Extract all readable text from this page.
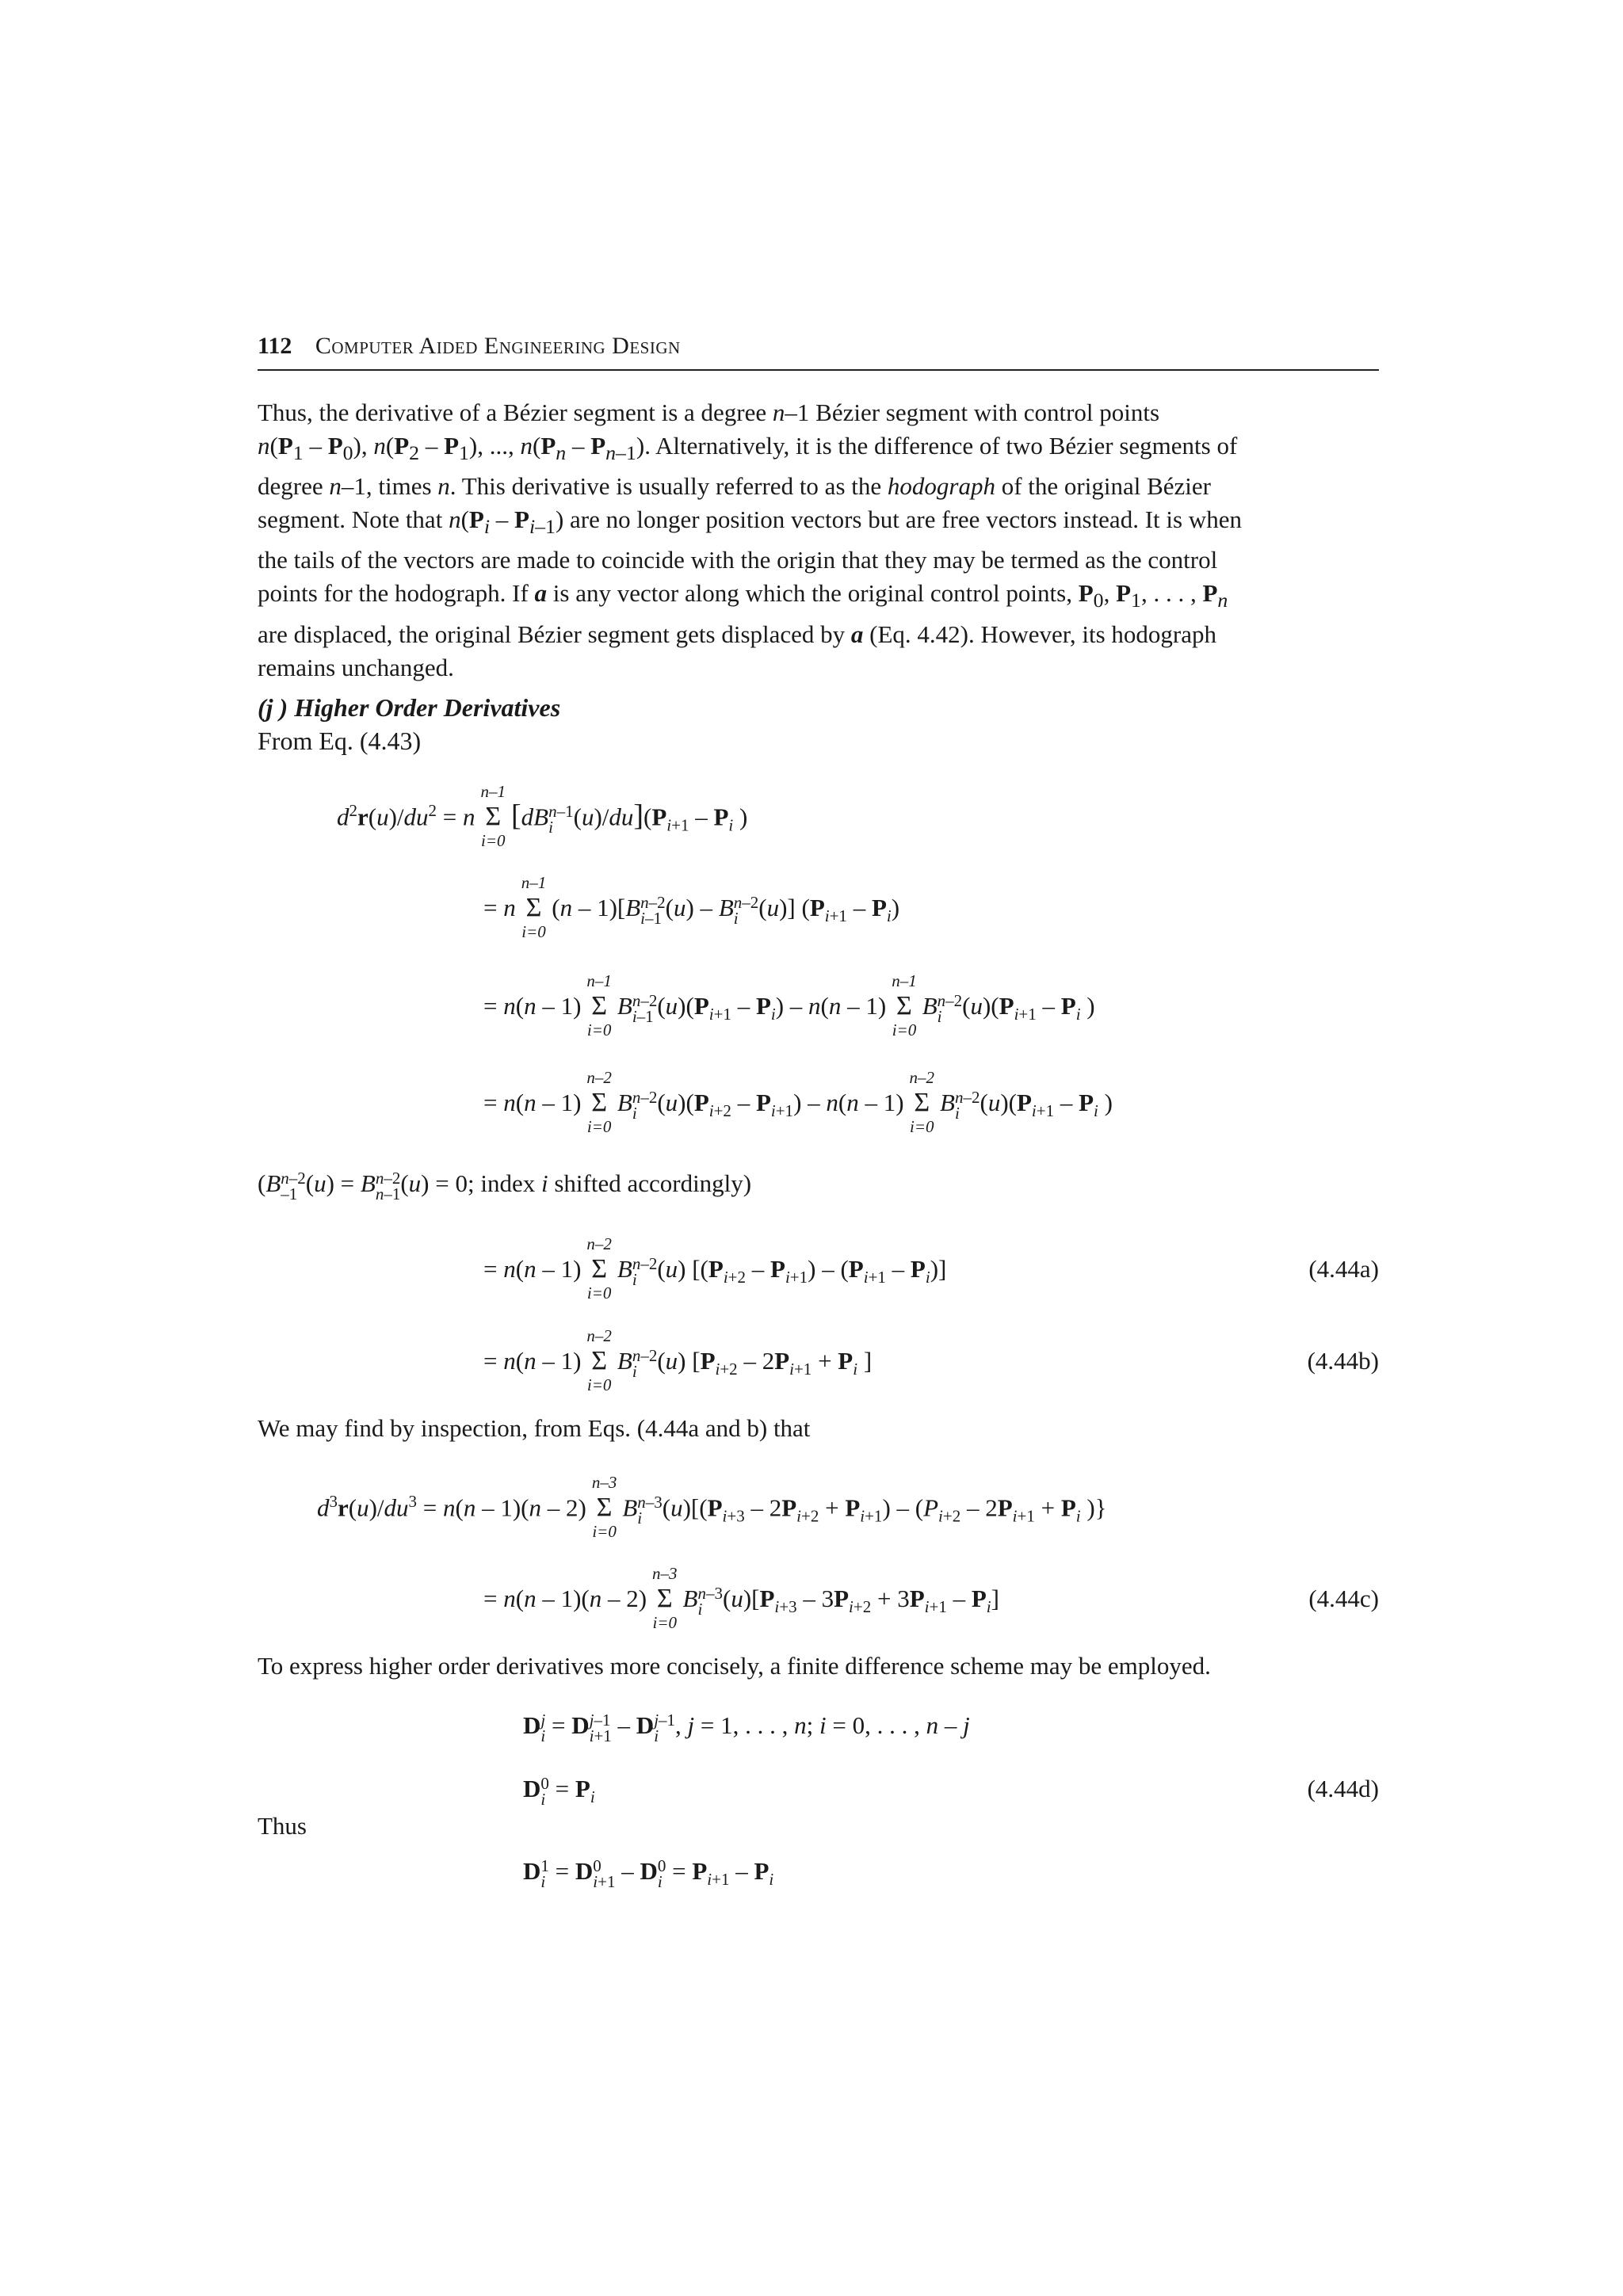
112 Computer Aided Engineering Design

Thus, the derivative of a Bézier segment is a degree n–1 Bézier segment with control points

$n(P_1 - P_0)$, $n(P_2 - P_1)$, ..., $n(P_n - P_{n-1})$. Alternatively, it is the difference of two Bézier segments of

degree n–1, times n. This derivative is usually referred to as the hodograph of the original Bézier

segment. Note that $n(P_i - P_{i-1})$ are no longer position vectors but are free vectors instead. It is when

the tails of the vectors are made to coincide with the origin that they may be termed as the control

points for the hodograph. If a is any vector along which the original control points, $P_0$, $P_1$, . . . , $P_n$

are displaced, the original Bézier segment gets displaced by a (Eq. 4.42). However, its hodograph

remains unchanged.

(j ) Higher Order Derivatives
From Eq. (4.43)
$d^2r(u)/du^2 = n$
n–1
Σ
i=0
[dB n–1
i $(u)/du](P_{i+1} - P_i$ )
= n
n–1
Σ
i=0
(n – 1)[B n–2
i–1 (u) – B n–2
i (u)] $(P_{i+1} - P_i)$
= n(n – 1)
n–1
Σ
i=0
B n–2
i–1 $(u)(P_{i+1} - P_i) - n(n - 1)$
n–1
Σ
i=0
B n–2
i $(u)(P_{i+1} - P_i$ )
= n(n – 1)
n–2
Σ
i=0
B n–2
i $(u)(P_{i+2} - P_{i+1}) - n(n - 1)$
n–2
Σ
i=0
B n–2
i $(u)(P_{i+1} - P_i$ )
(B n–2
–1 (u) = B n–2
n–1 (u) = 0; index i shifted accordingly)
= n(n – 1)
n–2
Σ
i=0
B n–2
i (u) $[(P_{i+2} - P_{i+1}) - (P_{i+1} - P_i)]$	(4.44a)
= n(n – 1)
n–2
Σ
i=0
B n–2
i (u) [$P_{i+2} - 2P_{i+1} + P_i$ ]	(4.44b)
We may find by inspection, from Eqs. (4.44a and b) that
$d^3r(u)/du^3 = n(n - 1)(n - 2)$
n–3
Σ
i=0
B n–3
i $(u)[(P_{i+3} - 2P_{i+2} + P_{i+1}) - (P_{i+2} - 2P_{i+1} + P_i$ )}
= n(n – 1)(n – 2)
n–3
Σ
i=0
B n–3
i $(u)[P_{i+3} - 3P_{i+2} + 3P_{i+1} - P_i]$	(4.44c)
To express higher order derivatives more concisely, a finite difference scheme may be employed.
D j
i = D j–1
i+1 – D j–1
i , j = 1, . . . , n; i = 0, . . . , n – j
D 0
$i = P_i$	(4.44d)
Thus
D 1
i = D 0
i+1 – D 0
$i = P_{i+1} - P_i$
